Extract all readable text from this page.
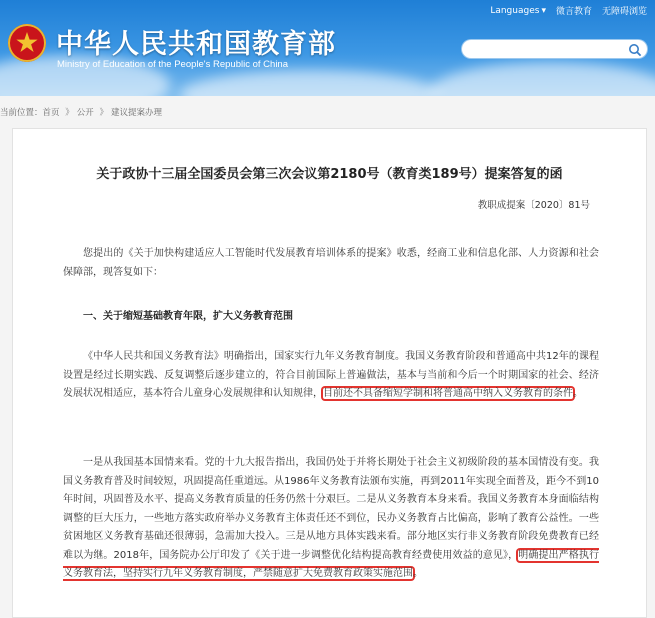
Languages ▾ 微言教育 无障碍浏览
中华人民共和国教育部
Ministry of Education of the People's Republic of China
当前位置：首页 》 公开 》 建议提案办理
关于政协十三届全国委员会第三次会议第2180号（教育类189号）提案答复的函
教职成提案〔2020〕81号
您提出的《关于加快构建适应人工智能时代发展教育培训体系的提案》收悉，经商工业和信息化部、人力资源和社会保障部，现答复如下：
一、关于缩短基础教育年限，扩大义务教育范围
《中华人民共和国义务教育法》明确指出，国家实行九年义务教育制度。我国义务教育阶段和普通高中共12年的课程设置是经过长期实践、反复调整后逐步建立的，符合目前国际上普遍做法，基本与当前和今后一个时期国家的社会、经济发展状况相适应，基本符合儿童身心发展规律和认知规律，目前还不具备缩短学制和将普通高中纳入义务教育的条件。
一是从我国基本国情来看。党的十九大报告指出，我国仍处于并将长期处于社会主义初级阶段的基本国情没有变。我国义务教育普及时间较短，巩固提高任重道远。从1986年义务教育法颁布实施，再到2011年实现全面普及，距今不到10年时间，巩固普及水平、提高义务教育质量的任务仍然十分艰巨。二是从义务教育本身来看。我国义务教育本身面临结构调整的巨大压力，一些地方落实政府举办义务教育主体责任还不到位，民办义务教育占比偏高，影响了教育公益性。一些贫困地区义务教育基础还很薄弱，急需加大投入。三是从地方具体实践来看。部分地区实行非义务教育阶段免费教育已经难以为继。2018年，国务院办公厅印发了《关于进一步调整优化结构提高教育经费使用效益的意见》，明确提出严格执行义务教育法，坚持实行九年义务教育制度，严禁随意扩大免费教育政策实施范围。
